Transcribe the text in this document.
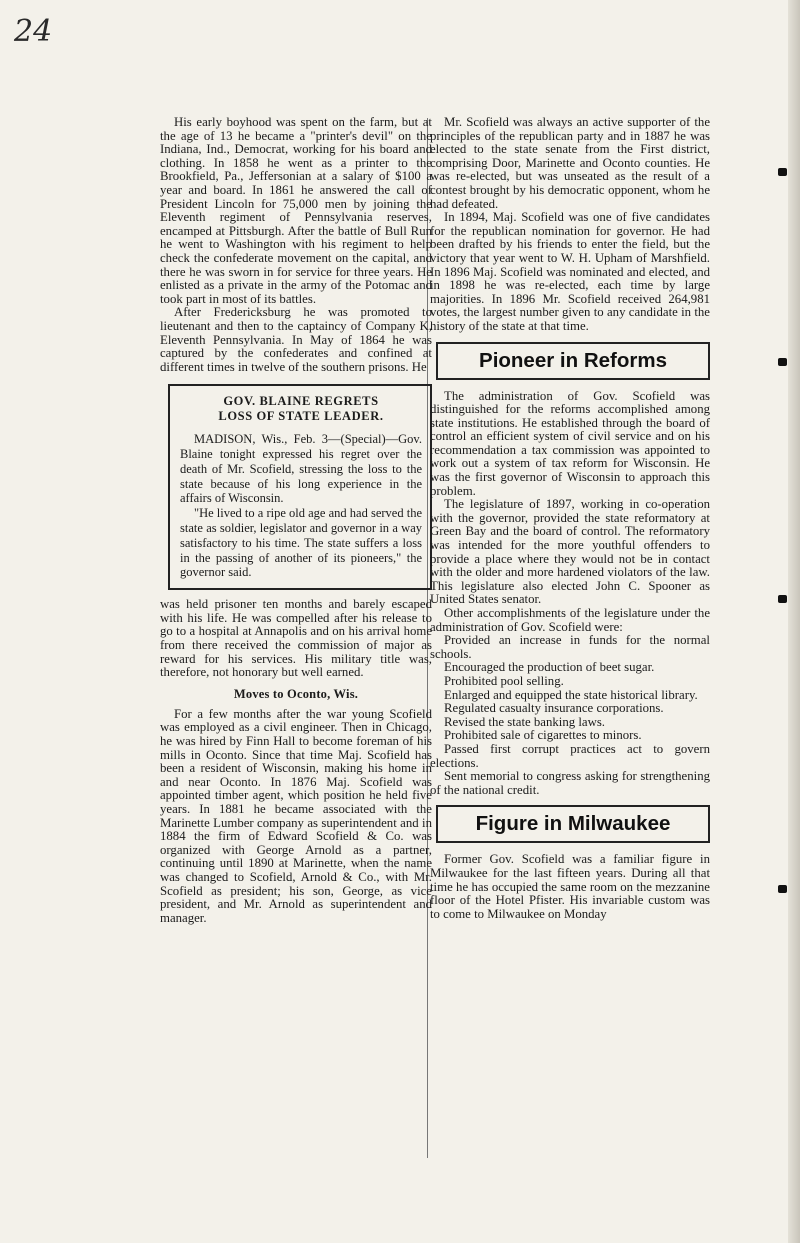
24

His early boyhood was spent on the farm, but at the age of 13 he became a "printer's devil" on the Indiana, Ind., Democrat, working for his board and clothing. In 1858 he went as a printer to the Brookfield, Pa., Jeffersonian at a salary of $100 a year and board. In 1861 he answered the call of President Lincoln for 75,000 men by joining the Eleventh regiment of Pennsylvania reserves, encamped at Pittsburgh. After the battle of Bull Run he went to Washington with his regiment to help check the confederate movement on the capital, and there he was sworn in for service for three years. He enlisted as a private in the army of the Potomac and took part in most of its battles.

After Fredericksburg he was promoted to lieutenant and then to the captaincy of Company K, Eleventh Pennsylvania. In May of 1864 he was captured by the confederates and confined at different times in twelve of the southern prisons. He

GOV. BLAINE REGRETS
LOSS OF STATE LEADER.

MADISON, Wis., Feb. 3—(Special)—Gov. Blaine tonight expressed his regret over the death of Mr. Scofield, stressing the loss to the state because of his long experience in the affairs of Wisconsin.

"He lived to a ripe old age and had served the state as soldier, legislator and governor in a way satisfactory to his time. The state suffers a loss in the passing of another of its pioneers," the governor said.

was held prisoner ten months and barely escaped with his life. He was compelled after his release to go to a hospital at Annapolis and on his arrival home from there received the commission of major as reward for his services. His military title was, therefore, not honorary but well earned.

Moves to Oconto, Wis.

For a few months after the war young Scofield was employed as a civil engineer. Then in Chicago, he was hired by Finn Hall to become foreman of his mills in Oconto. Since that time Maj. Scofield has been a resident of Wisconsin, making his home in and near Oconto. In 1876 Maj. Scofield was appointed timber agent, which position he held five years. In 1881 he became associated with the Marinette Lumber company as superintendent and in 1884 the firm of Edward Scofield & Co. was organized with George Arnold as a partner, continuing until 1890 at Marinette, when the name was changed to Scofield, Arnold & Co., with Mr. Scofield as president; his son, George, as vice president, and Mr. Arnold as superintendent and manager.

Mr. Scofield was always an active supporter of the principles of the republican party and in 1887 he was elected to the state senate from the First district, comprising Door, Marinette and Oconto counties. He was re-elected, but was unseated as the result of a contest brought by his democratic opponent, whom he had defeated.

In 1894, Maj. Scofield was one of five candidates for the republican nomination for governor. He had been drafted by his friends to enter the field, but the victory that year went to W. H. Upham of Marshfield. In 1896 Maj. Scofield was nominated and elected, and in 1898 he was re-elected, each time by large majorities. In 1896 Mr. Scofield received 264,981 votes, the largest number given to any candidate in the history of the state at that time.

Pioneer in Reforms

The administration of Gov. Scofield was distinguished for the reforms accomplished among state institutions. He established through the board of control an efficient system of civil service and on his recommendation a tax commission was appointed to work out a system of tax reform for Wisconsin. He was the first governor of Wisconsin to approach this problem.

The legislature of 1897, working in co-operation with the governor, provided the state reformatory at Green Bay and the board of control. The reformatory was intended for the more youthful offenders to provide a place where they would not be in contact with the older and more hardened violators of the law. This legislature also elected John C. Spooner as United States senator.

Other accomplishments of the legislature under the administration of Gov. Scofield were:

Provided an increase in funds for the normal schools.

Encouraged the production of beet sugar.

Prohibited pool selling.

Enlarged and equipped the state historical library.

Regulated casualty insurance corporations.

Revised the state banking laws.

Prohibited sale of cigarettes to minors.

Passed first corrupt practices act to govern elections.

Sent memorial to congress asking for strengthening of the national credit.

Figure in Milwaukee

Former Gov. Scofield was a familiar figure in Milwaukee for the last fifteen years. During all that time he has occupied the same room on the mezzanine floor of the Hotel Pfister. His invariable custom was to come to Milwaukee on Monday
